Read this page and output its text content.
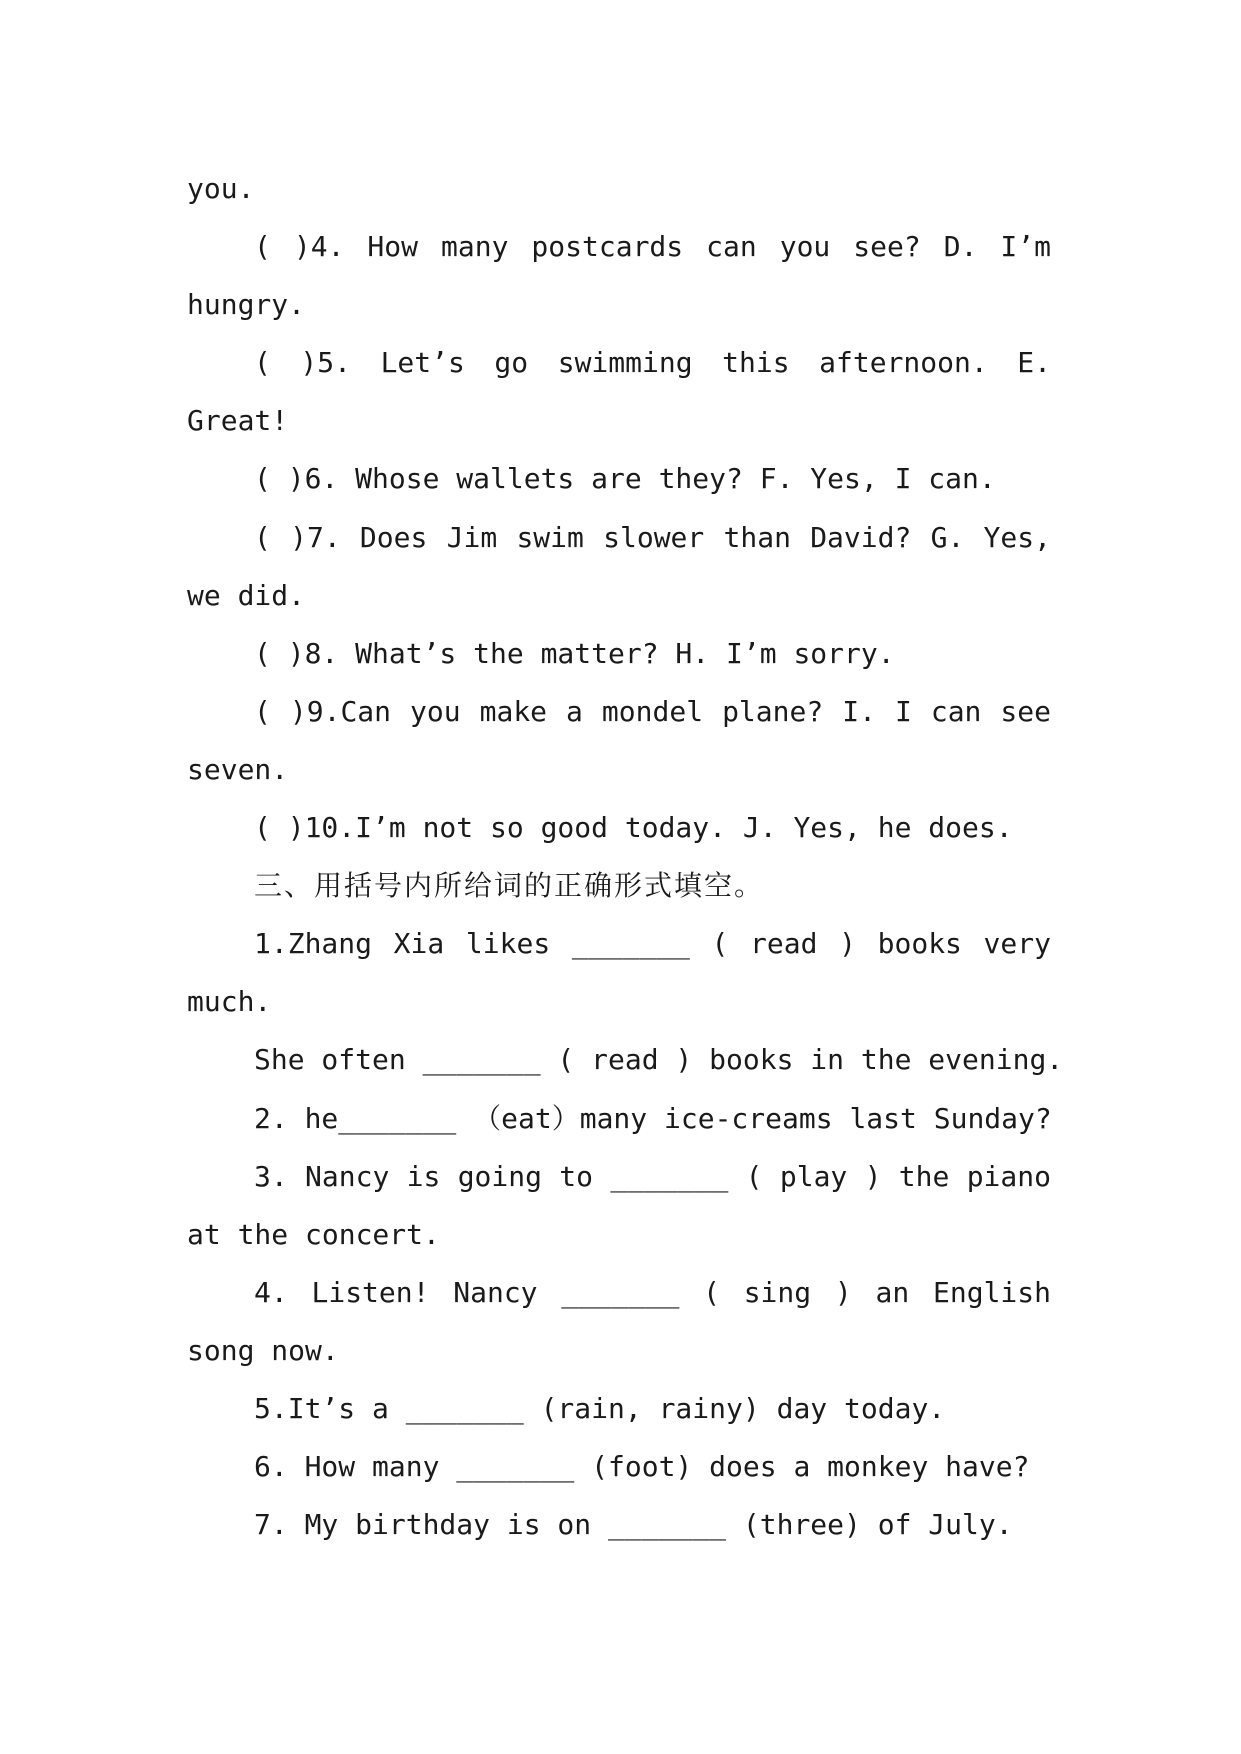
you.
( )4. How many postcards can you see? D. I’m
hungry.
( )5. Let’s go swimming this afternoon. E.
Great!
( )6. Whose wallets are they? F. Yes, I can.
( )7. Does Jim swim slower than David? G. Yes,
we did.
( )8. What’s the matter? H. I’m sorry.
( )9.Can you make a mondel plane? I. I can see
seven.
( )10.I’m not so good today. J. Yes, he does.
三、用括号内所给词的正确形式填空。
1.Zhang Xia likes _______ ( read ) books very
much.
She often _______ ( read ) books in the evening.
2. he_______ （eat）many ice-creams last Sunday?
3. Nancy is going to _______ ( play ) the piano
at the concert.
4. Listen! Nancy _______ ( sing ) an English
song now.
5.It’s a _______ (rain, rainy) day today.
6. How many _______ (foot) does a monkey have?
7. My birthday is on _______ (three) of July.
